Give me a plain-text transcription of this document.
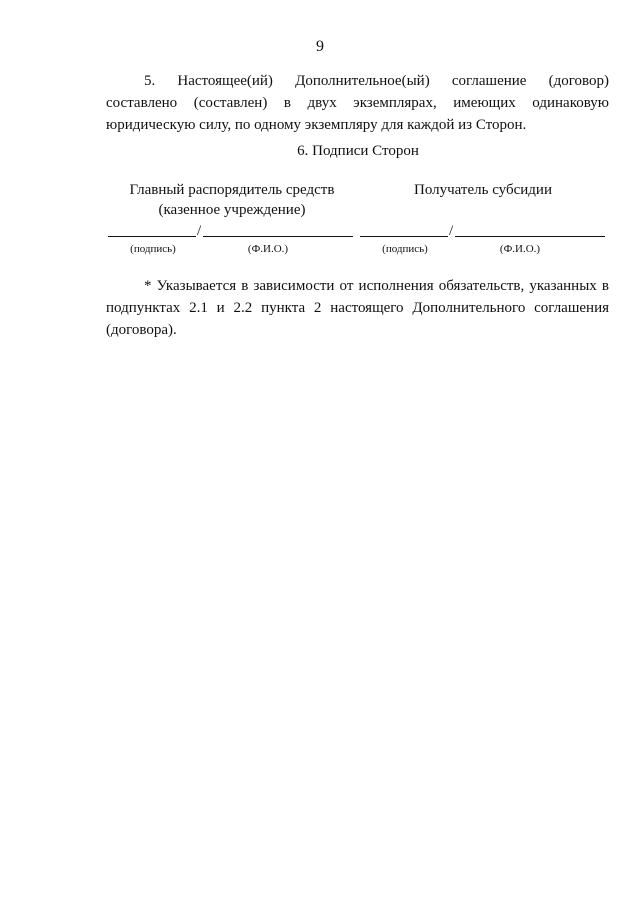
9
5. Настоящее(ий) Дополнительное(ый) соглашение (договор) составлено (составлен) в двух экземплярах, имеющих одинаковую юридическую силу, по одному экземпляру для каждой из Сторон.
6. Подписи Сторон
Главный распорядитель средств
(казенное учреждение)
Получатель субсидии
/
(подпись)	(Ф.И.О.)
/
(подпись)	(Ф.И.О.)
* Указывается в зависимости от исполнения обязательств, указанных в подпунктах 2.1 и 2.2 пункта 2 настоящего Дополнительного соглашения (договора).
